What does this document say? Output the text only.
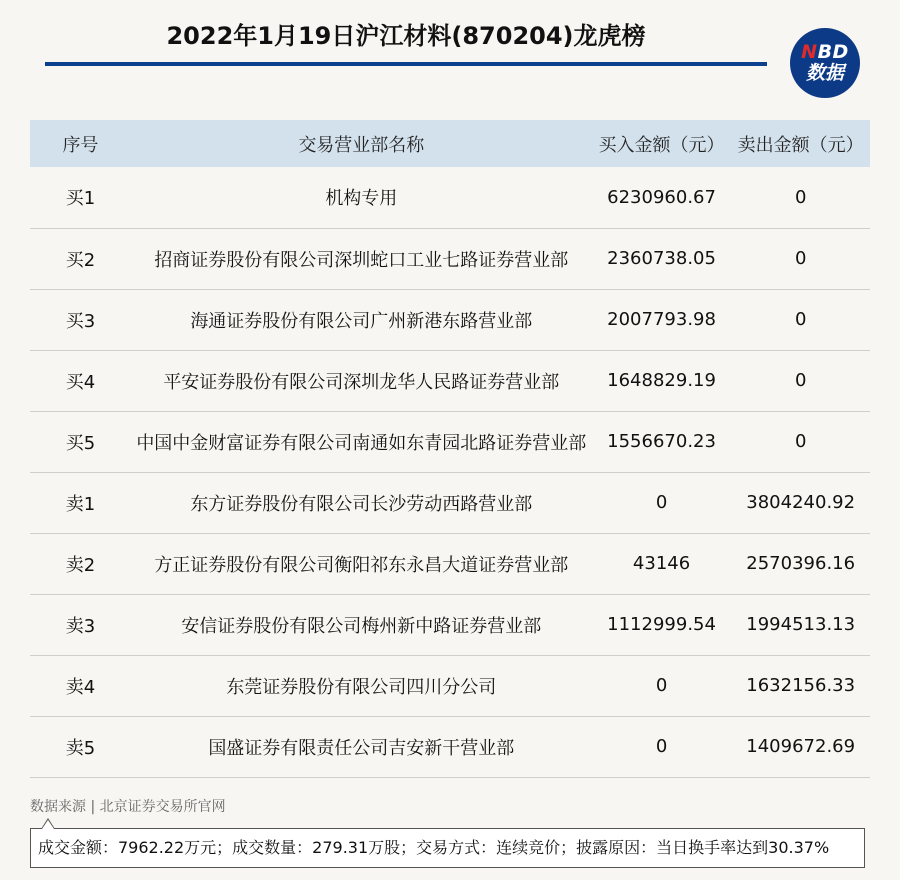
2022年1月19日沪江材料(870204)龙虎榜
NBD
数据
序号	交易营业部名称	买入金额（元）	卖出金额（元）
买1	机构专用	6230960.67	0
买2	招商证券股份有限公司深圳蛇口工业七路证券营业部	2360738.05	0
买3	海通证券股份有限公司广州新港东路营业部	2007793.98	0
买4	平安证券股份有限公司深圳龙华人民路证券营业部	1648829.19	0
买5	中国中金财富证券有限公司南通如东青园北路证券营业部	1556670.23	0
卖1	东方证券股份有限公司长沙劳动西路营业部	0	3804240.92
卖2	方正证券股份有限公司衡阳祁东永昌大道证券营业部	43146	2570396.16
卖3	安信证券股份有限公司梅州新中路证券营业部	1112999.54	1994513.13
卖4	东莞证券股份有限公司四川分公司	0	1632156.33
卖5	国盛证券有限责任公司吉安新干营业部	0	1409672.69
数据来源 | 北京证券交易所官网
成交金额：7962.22万元；成交数量：279.31万股；交易方式：连续竞价；披露原因：当日换手率达到30.37%
